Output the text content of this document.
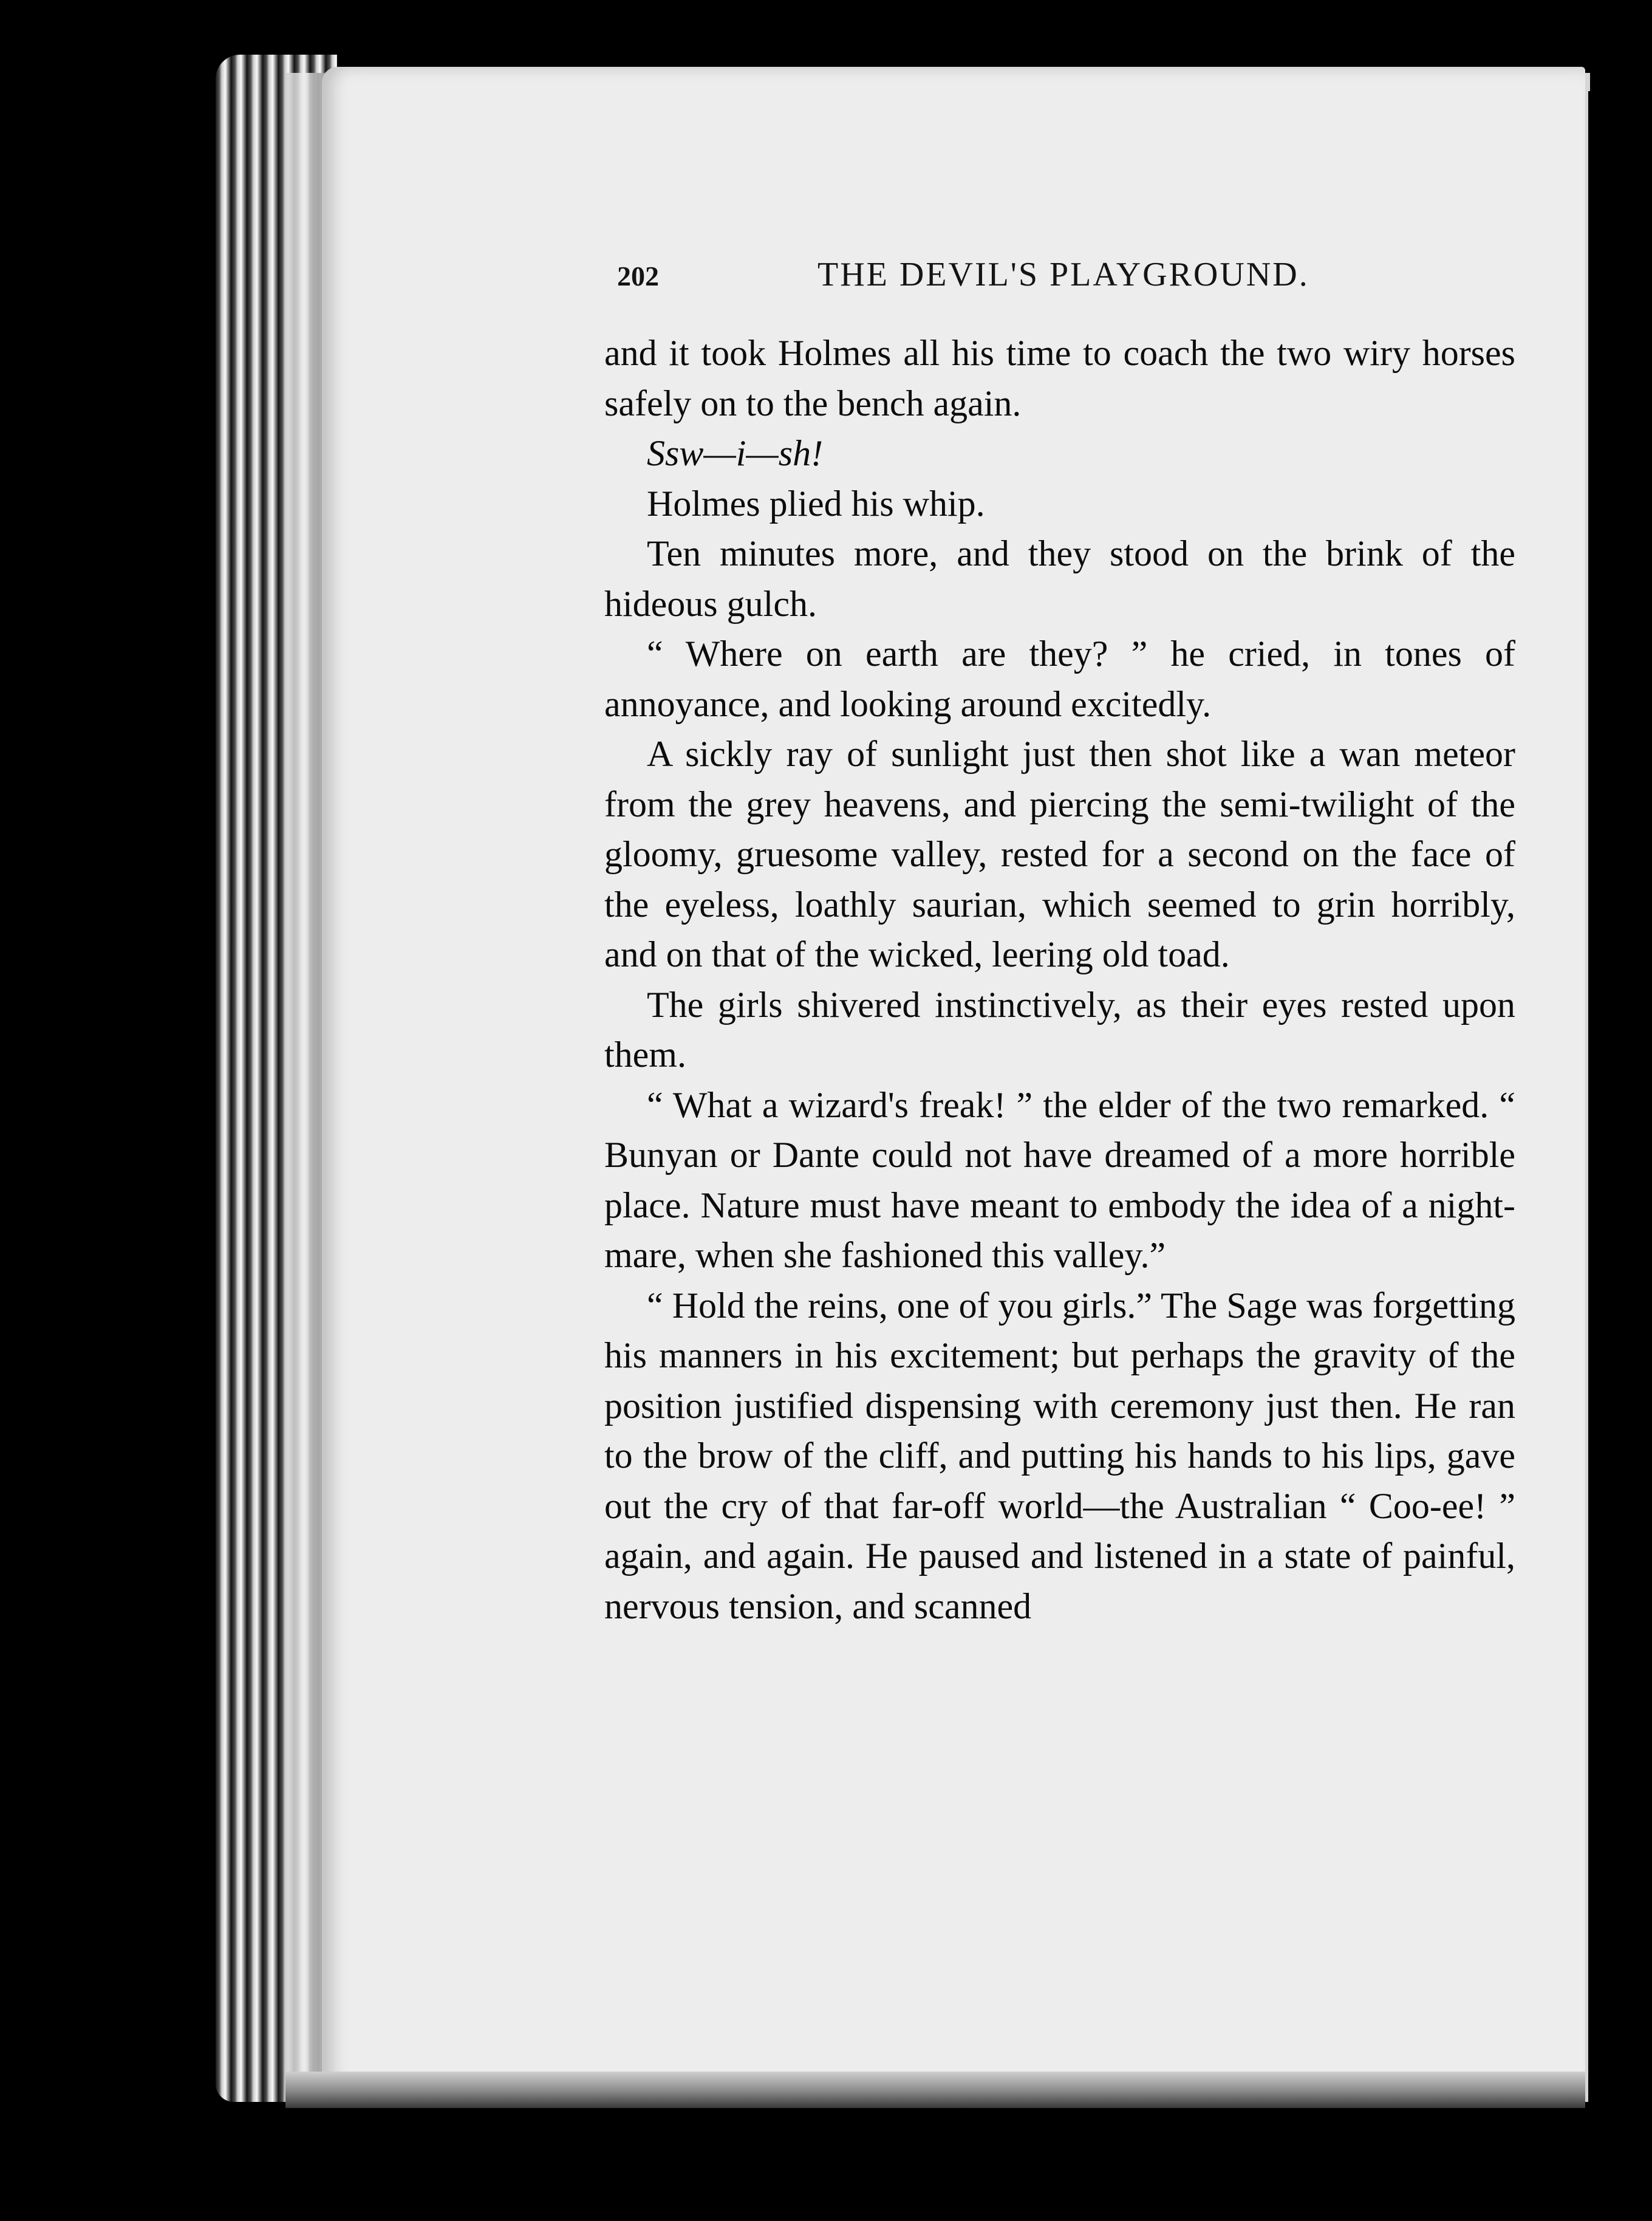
202	THE DEVIL'S PLAYGROUND.

and it took Holmes all his time to coach the two wiry horses safely on to the bench again.

Ssw—i—sh!

Holmes plied his whip.

Ten minutes more, and they stood on the brink of the hideous gulch.

“ Where on earth are they? ” he cried, in tones of annoyance, and looking around excitedly.

A sickly ray of sunlight just then shot like a wan meteor from the grey heavens, and piercing the semi-twilight of the gloomy, gruesome valley, rested for a second on the face of the eyeless, loathly saurian, which seemed to grin horribly, and on that of the wicked, leering old toad.

The girls shivered instinctively, as their eyes rested upon them.

“ What a wizard's freak! ” the elder of the two remarked. “ Bunyan or Dante could not have dreamed of a more horrible place. Nature must have meant to embody the idea of a night-mare, when she fashioned this valley.”

“ Hold the reins, one of you girls.” The Sage was forgetting his manners in his excitement; but perhaps the gravity of the position justified dispensing with ceremony just then. He ran to the brow of the cliff, and putting his hands to his lips, gave out the cry of that far-off world—the Australian “ Coo-ee! ” again, and again. He paused and listened in a state of painful, nervous tension, and scanned
